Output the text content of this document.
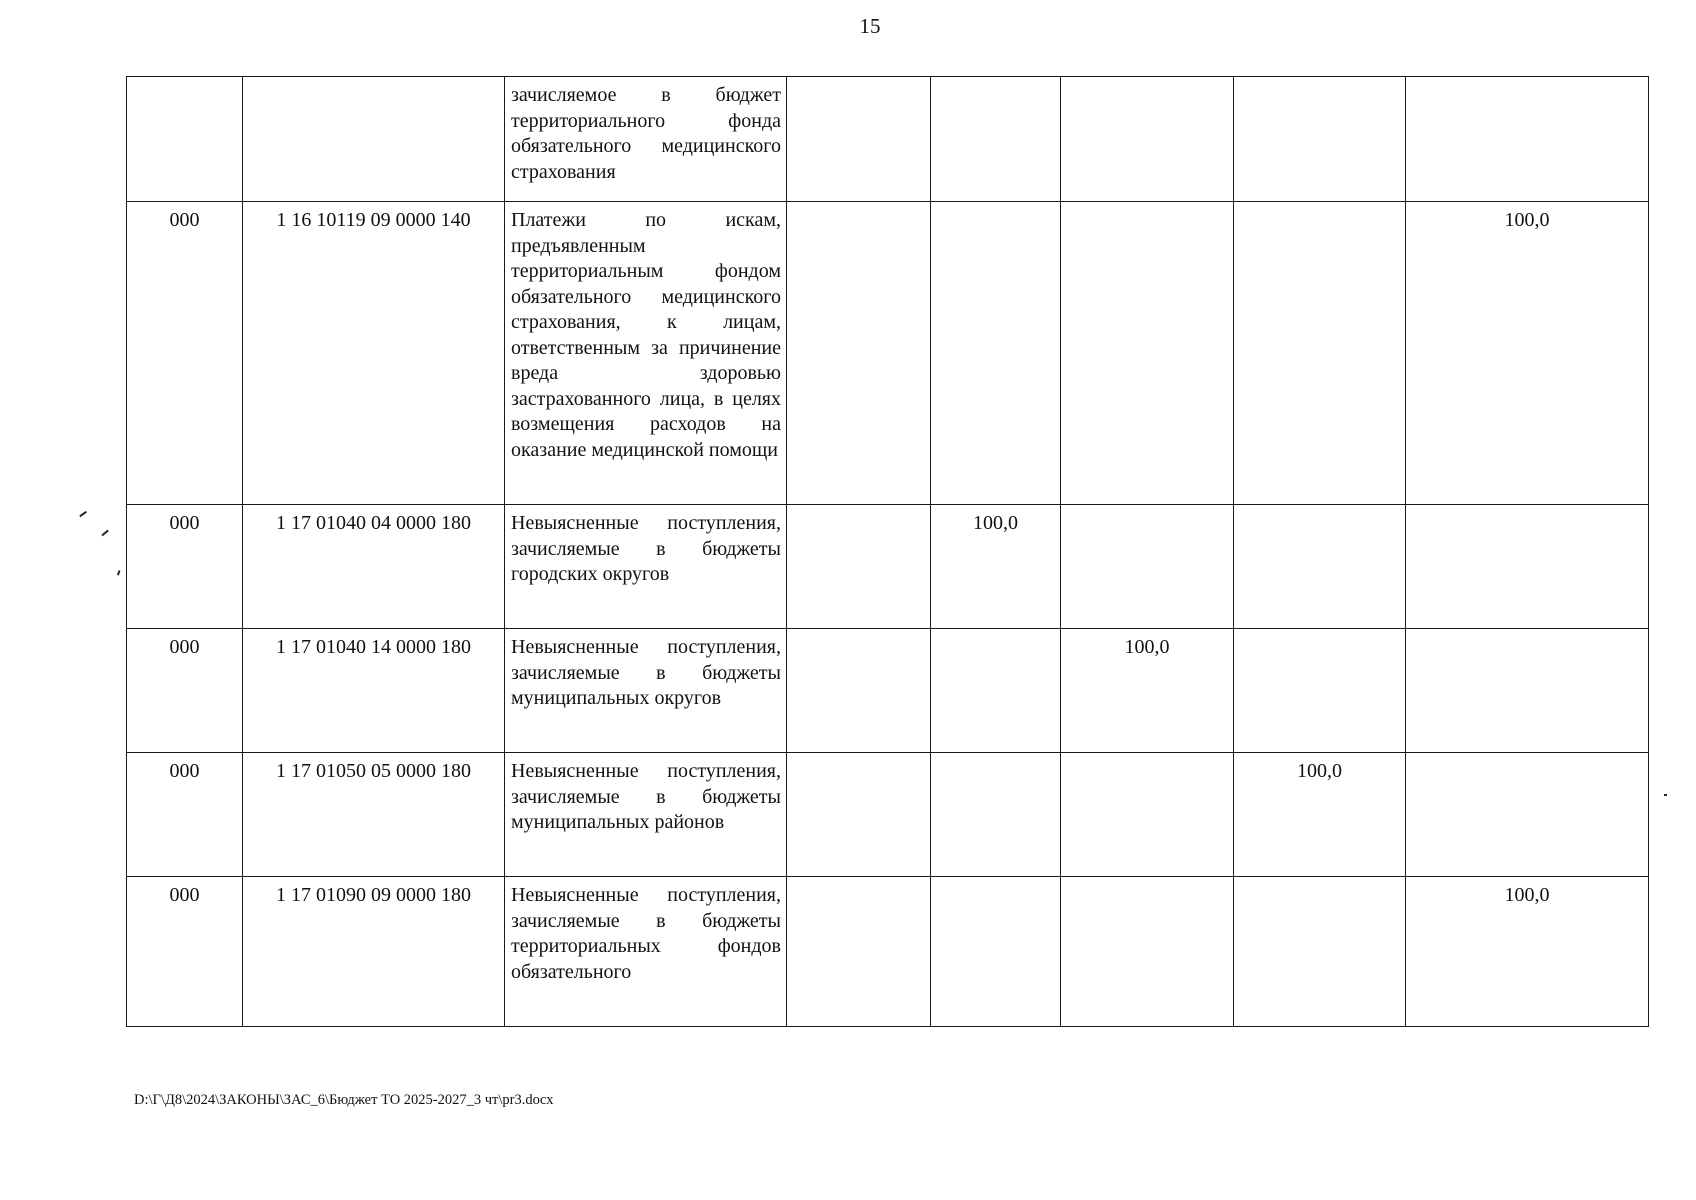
15
		зачисляемое в бюджет территориального фонда обязательного медицинского страхования					
000	1 16 10119 09 0000 140	Платежи по искам, предъявленным территориальным фондом обязательного медицинского страхования, к лицам, ответственным за причинение вреда здоровью застрахованного лица, в целях возмещения расходов на оказание медицинской помощи					100,0
000	1 17 01040 04 0000 180	Невыясненные поступления, зачисляемые в бюджеты городских округов		100,0			
000	1 17 01040 14 0000 180	Невыясненные поступления, зачисляемые в бюджеты муниципальных округов			100,0		
000	1 17 01050 05 0000 180	Невыясненные поступления, зачисляемые в бюджеты муниципальных районов				100,0	
000	1 17 01090 09 0000 180	Невыясненные поступления, зачисляемые в бюджеты территориальных фондов обязательного					100,0
D:\Г\Д8\2024\ЗАКОНЫ\ЗАС_6\Бюджет ТО 2025-2027_3 чт\pr3.docx
